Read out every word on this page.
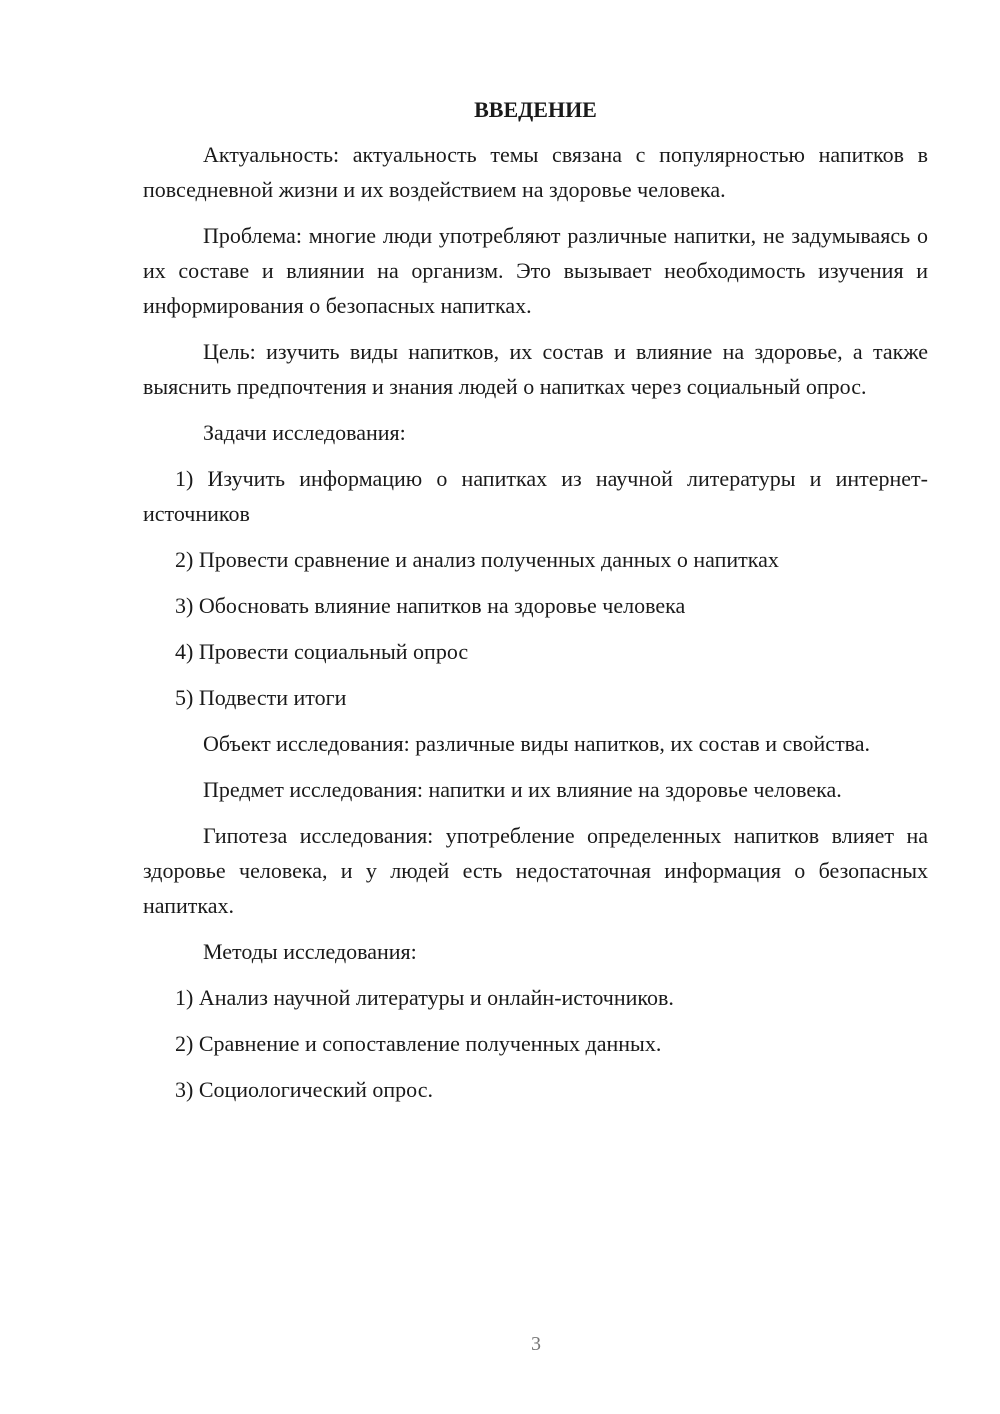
ВВЕДЕНИЕ

Актуальность: актуальность темы связана с популярностью напитков в повседневной жизни и их воздействием на здоровье человека.

Проблема: многие люди употребляют различные напитки, не задумываясь о их составе и влиянии на организм. Это вызывает необходимость изучения и информирования о безопасных напитках.

Цель: изучить виды напитков, их состав и влияние на здоровье, а также выяснить предпочтения и знания людей о напитках через социальный опрос.

Задачи исследования:

1) Изучить информацию о напитках из научной литературы и интернет-источников

2) Провести сравнение и анализ полученных данных о напитках

3) Обосновать влияние напитков на здоровье человека

4) Провести социальный опрос

5) Подвести итоги

Объект исследования: различные виды напитков, их состав и свойства.

Предмет исследования: напитки и их влияние на здоровье человека.

Гипотеза исследования: употребление определенных напитков влияет на здоровье человека, и у людей есть недостаточная информация о безопасных напитках.

Методы исследования:

1) Анализ научной литературы и онлайн-источников.

2) Сравнение и сопоставление полученных данных.

3) Социологический опрос.

3
